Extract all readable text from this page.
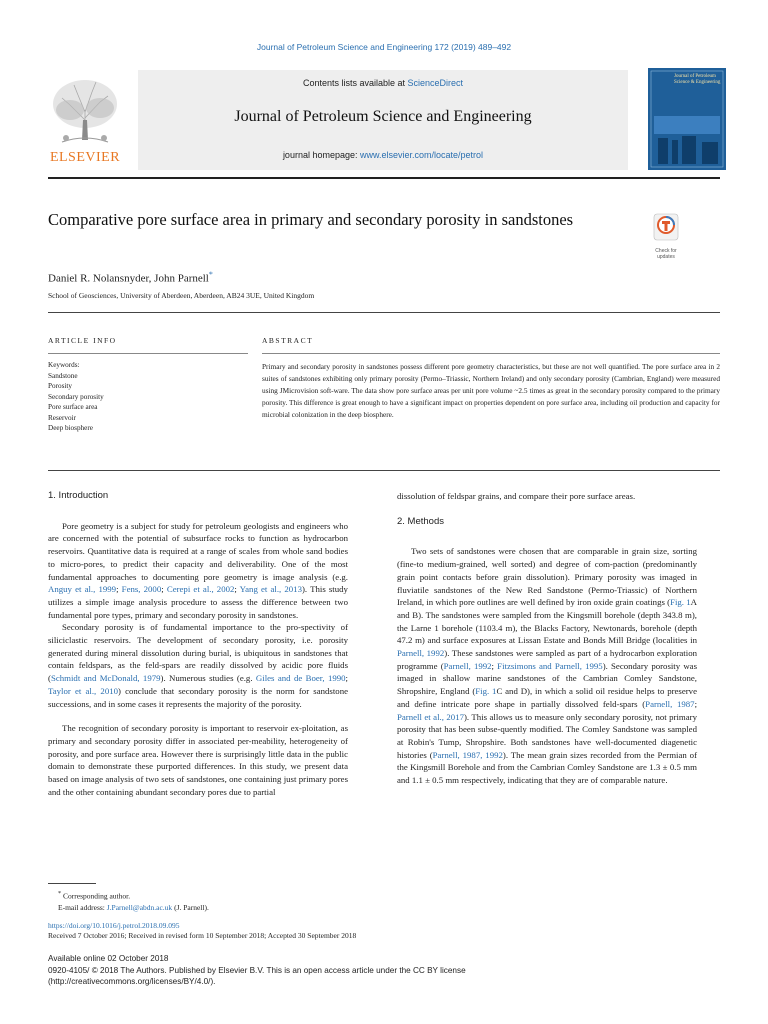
Journal of Petroleum Science and Engineering 172 (2019) 489–492
ELSEVIER
Contents lists available at ScienceDirect
Journal of Petroleum Science and Engineering
journal homepage: www.elsevier.com/locate/petrol
Journal of Petroleum Science & Engineering
Comparative pore surface area in primary and secondary porosity in sandstones
Check for
updates
Daniel R. Nolansnyder, John Parnell*
School of Geosciences, University of Aberdeen, Aberdeen, AB24 3UE, United Kingdom
ARTICLE INFO	ABSTRACT
Keywords:
Sandstone
Porosity
Secondary porosity
Pore surface area
Reservoir
Deep biosphere
Primary and secondary porosity in sandstones possess different pore geometry characteristics, but these are not well quantified. The pore surface area in 2 suites of sandstones exhibiting only primary porosity (Permo–Triassic, Northern Ireland) and only secondary porosity (Cambrian, England) were measured using JMicrovision soft-ware. The data show pore surface areas per unit pore volume ~2.5 times as great in the secondary porosity compared to the primary porosity. This difference is great enough to have a significant impact on properties dependent on pore surface area, including oil production and capacity for microbial colonization in the deep biosphere.
1. Introduction

Pore geometry is a subject for study for petroleum geologists and engineers who are concerned with the potential of subsurface rocks to function as hydrocarbon reservoirs. Quantitative data is required at a range of scales from whole sand bodies to micro-pores, to predict their capacity and deliverability. One of the most fundamental approaches to documenting pore geometry is image analysis (e.g. Anguy et al., 1999; Fens, 2000; Cerepi et al., 2002; Yang et al., 2013). This study utilizes a simple image analysis procedure to assess the difference between two fundamental pore types, primary and secondary porosity in sandstones.

Secondary porosity is of fundamental importance to the pro-spectivity of siliciclastic reservoirs. The development of secondary porosity, i.e. porosity generated during mineral dissolution during burial, is ubiquitous in sandstones that contain feldspars, as the feld-spars are readily dissolved by acidic pore fluids (Schmidt and McDonald, 1979). Numerous studies (e.g. Giles and de Boer, 1990; Taylor et al., 2010) conclude that secondary porosity is the norm for sandstone successions, and in some cases it represents the majority of the porosity.

The recognition of secondary porosity is important to reservoir ex-ploitation, as primary and secondary porosity differ in associated per-meability, heterogeneity of porosity, and pore surface area. However there is surprisingly little data in the public domain to demonstrate these purported differences. In this study, we present data based on image analysis of two sets of sandstones, one containing just primary pores and the other containing abundant secondary pores due to partial

dissolution of feldspar grains, and compare their pore surface areas.

2. Methods

Two sets of sandstones were chosen that are comparable in grain size, sorting (fine-to medium-grained, well sorted) and degree of com-paction (predominantly grain point contacts before grain dissolution). Primary porosity was imaged in fluviatile sandstones of the New Red Sandstone (Permo-Triassic) of Northern Ireland, in which pore outlines are well defined by iron oxide grain coatings (Fig. 1A and B). The sandstones were sampled from the Kingsmill borehole (depth 343.8 m), the Larne 1 borehole (1103.4 m), the Blacks Factory, Newtonards, borehole (depth 47.2 m) and surface exposures at Lissan Estate and Bonds Mill Bridge (localities in Parnell, 1992). These sandstones were sampled as part of a hydrocarbon exploration programme (Parnell, 1992; Fitzsimons and Parnell, 1995). Secondary porosity was imaged in shallow marine sandstones of the Cambrian Comley Sandstone, Shropshire, England (Fig. 1C and D), in which a solid oil residue helps to preserve and define intricate pore shape in partially dissolved feld-spars (Parnell, 1987; Parnell et al., 2017). This allows us to measure only secondary porosity, not primary porosity that has been subse-quently modified. The Comley Sandstone was sampled at Robin's Tump, Shropshire. Both sandstones have well-documented diagenetic histories (Parnell, 1987, 1992). The mean grain sizes recorded from the Permian of the Kingsmill Borehole and from the Cambrian Comley Sandstone are 1.3 ± 0.5 mm and 1.1 ± 0.5 mm respectively, indicating that they are of comparable nature.

* Corresponding author.
E-mail address: J.Parnell@abdn.ac.uk (J. Parnell).
https://doi.org/10.1016/j.petrol.2018.09.095
Received 7 October 2016; Received in revised form 10 September 2018; Accepted 30 September 2018
Available online 02 October 2018
0920-4105/ © 2018 The Authors. Published by Elsevier B.V. This is an open access article under the CC BY license
(http://creativecommons.org/licenses/BY/4.0/).
